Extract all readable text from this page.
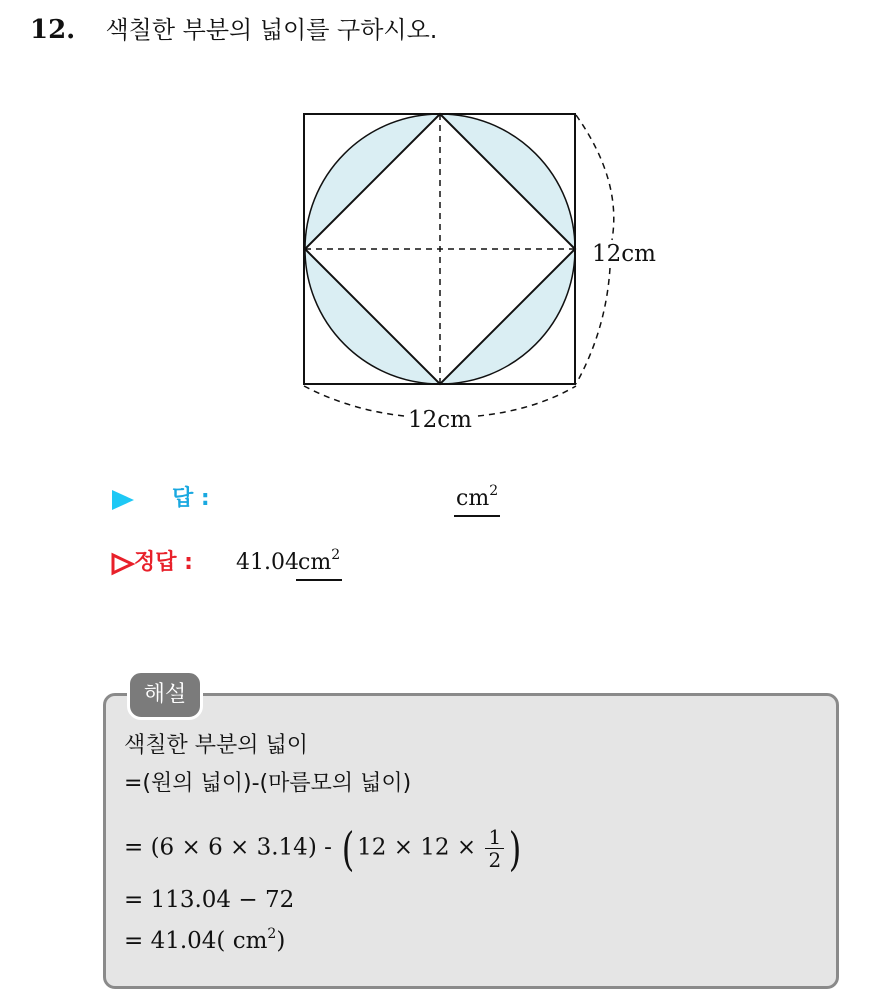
12. 색칠한 부분의 넓이를 구하시오.
12cm
12cm
답 :	$cm^2$
정답 : 41.04 $cm^2$
해설
색칠한 부분의 넓이
=(원의 넓이)-(마름모의 넓이)
= (6 × 6 × 3.14) - ( $12 \times 12 \times \frac{1}{2}$ )
= 113.04 − 72
= 41.04( $cm^2$)
